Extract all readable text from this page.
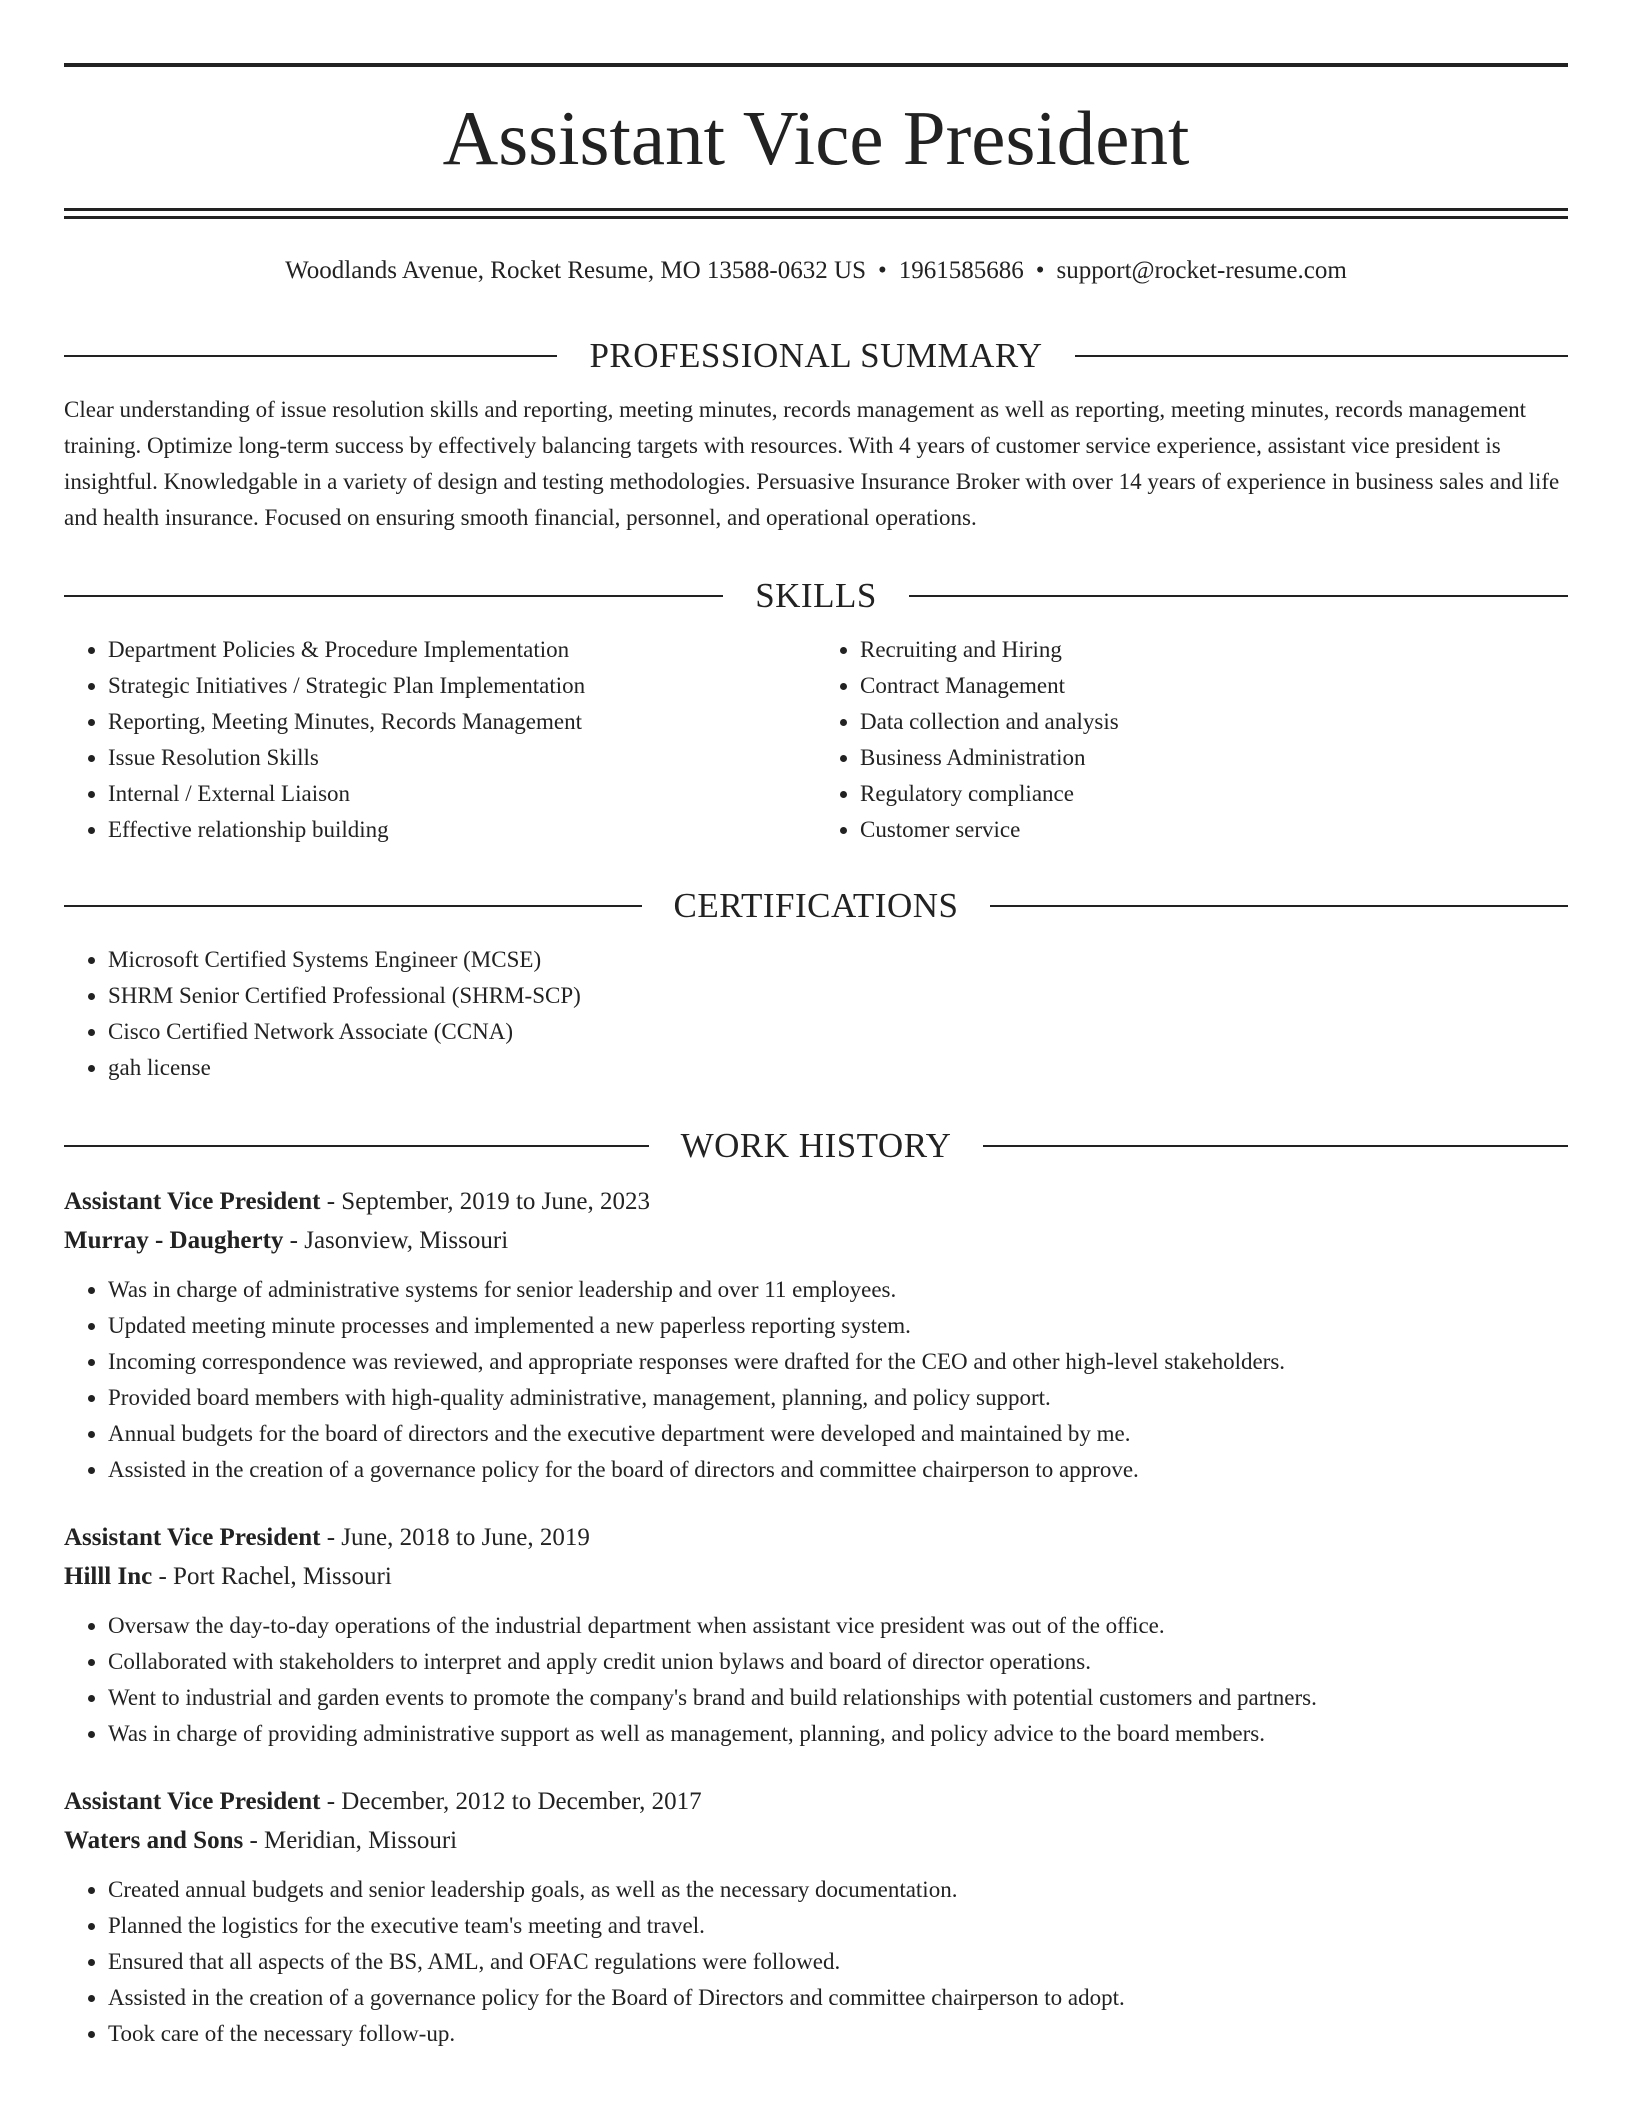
Assistant Vice President
Woodlands Avenue, Rocket Resume, MO 13588-0632 US • 1961585686 • support@rocket-resume.com
PROFESSIONAL SUMMARY

Clear understanding of issue resolution skills and reporting, meeting minutes, records management as well as reporting, meeting minutes, records management training. Optimize long-term success by effectively balancing targets with resources. With 4 years of customer service experience, assistant vice president is insightful. Knowledgable in a variety of design and testing methodologies. Persuasive Insurance Broker with over 14 years of experience in business sales and life and health insurance. Focused on ensuring smooth financial, personnel, and operational operations.

SKILLS
• Department Policies & Procedure Implementation
• Strategic Initiatives / Strategic Plan Implementation
• Reporting, Meeting Minutes, Records Management
• Issue Resolution Skills
• Internal / External Liaison
• Effective relationship building
• Recruiting and Hiring
• Contract Management
• Data collection and analysis
• Business Administration
• Regulatory compliance
• Customer service
CERTIFICATIONS
• Microsoft Certified Systems Engineer (MCSE)
• SHRM Senior Certified Professional (SHRM-SCP)
• Cisco Certified Network Associate (CCNA)
• gah license
WORK HISTORY
Assistant Vice President - September, 2019 to June, 2023
Murray - Daugherty - Jasonview, Missouri
• Was in charge of administrative systems for senior leadership and over 11 employees.
• Updated meeting minute processes and implemented a new paperless reporting system.
• Incoming correspondence was reviewed, and appropriate responses were drafted for the CEO and other high-level stakeholders.
• Provided board members with high-quality administrative, management, planning, and policy support.
• Annual budgets for the board of directors and the executive department were developed and maintained by me.
• Assisted in the creation of a governance policy for the board of directors and committee chairperson to approve.
Assistant Vice President - June, 2018 to June, 2019
Hilll Inc - Port Rachel, Missouri
• Oversaw the day-to-day operations of the industrial department when assistant vice president was out of the office.
• Collaborated with stakeholders to interpret and apply credit union bylaws and board of director operations.
• Went to industrial and garden events to promote the company's brand and build relationships with potential customers and partners.
• Was in charge of providing administrative support as well as management, planning, and policy advice to the board members.
Assistant Vice President - December, 2012 to December, 2017
Waters and Sons - Meridian, Missouri
• Created annual budgets and senior leadership goals, as well as the necessary documentation.
• Planned the logistics for the executive team's meeting and travel.
• Ensured that all aspects of the BS, AML, and OFAC regulations were followed.
• Assisted in the creation of a governance policy for the Board of Directors and committee chairperson to adopt.
• Took care of the necessary follow-up.
